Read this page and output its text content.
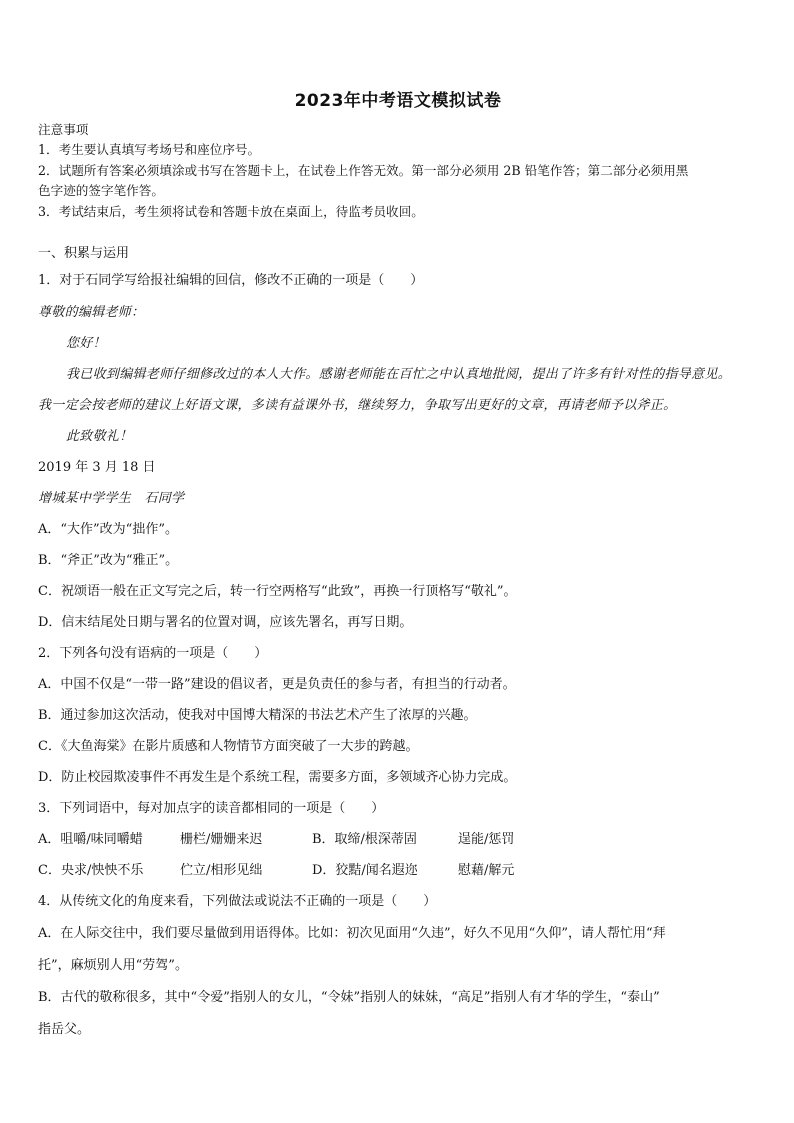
2023年中考语文模拟试卷
注意事项
1．考生要认真填写考场号和座位序号。
2．试题所有答案必须填涂或书写在答题卡上，在试卷上作答无效。第一部分必须用 2B 铅笔作答；第二部分必须用黑
色字迹的签字笔作答。
3．考试结束后，考生须将试卷和答题卡放在桌面上，待监考员收回。
一、积累与运用
1．对于石同学写给报社编辑的回信，修改不正确的一项是（　　）
尊敬的编辑老师：
您好！
我已收到编辑老师仔细修改过的本人大作。感谢老师能在百忙之中认真地批阅，提出了许多有针对性的指导意见。
我一定会按老师的建议上好语文课，多读有益课外书，继续努力，争取写出更好的文章，再请老师予以斧正。
此致敬礼！
2019 年 3 月 18 日
增城某中学学生　石同学
A．“大作”改为“拙作”。
B．“斧正”改为“雅正”。
C．祝颂语一般在正文写完之后，转一行空两格写“此致”，再换一行顶格写“敬礼”。
D．信末结尾处日期与署名的位置对调，应该先署名，再写日期。
2．下列各句没有语病的一项是（　　）
A．中国不仅是“一带一路”建设的倡议者，更是负责任的参与者，有担当的行动者。
B．通过参加这次活动，使我对中国博大精深的书法艺术产生了浓厚的兴趣。
C．《大鱼海棠》在影片质感和人物情节方面突破了一大步的跨越。
D．防止校园欺凌事件不再发生是个系统工程，需要多方面，多领域齐心协力完成。
3．下列词语中，每对加点字的读音都相同的一项是（　　）
A．咀嚼/味同嚼蜡	栅栏/姗姗来迟	B．取缔/根深蒂固	逞能/惩罚
C．央求/怏怏不乐	伫立/相形见绌	D．狡黠/闻名遐迩	慰藉/解元
4．从传统文化的角度来看，下列做法或说法不正确的一项是（　　）
A．在人际交往中，我们要尽量做到用语得体。比如：初次见面用“久违”，好久不见用“久仰”，请人帮忙用“拜
托”，麻烦别人用“劳驾”。
B．古代的敬称很多，其中“令爱”指别人的女儿，“令妹”指别人的妹妹，“高足”指别人有才华的学生，“泰山”
指岳父。
